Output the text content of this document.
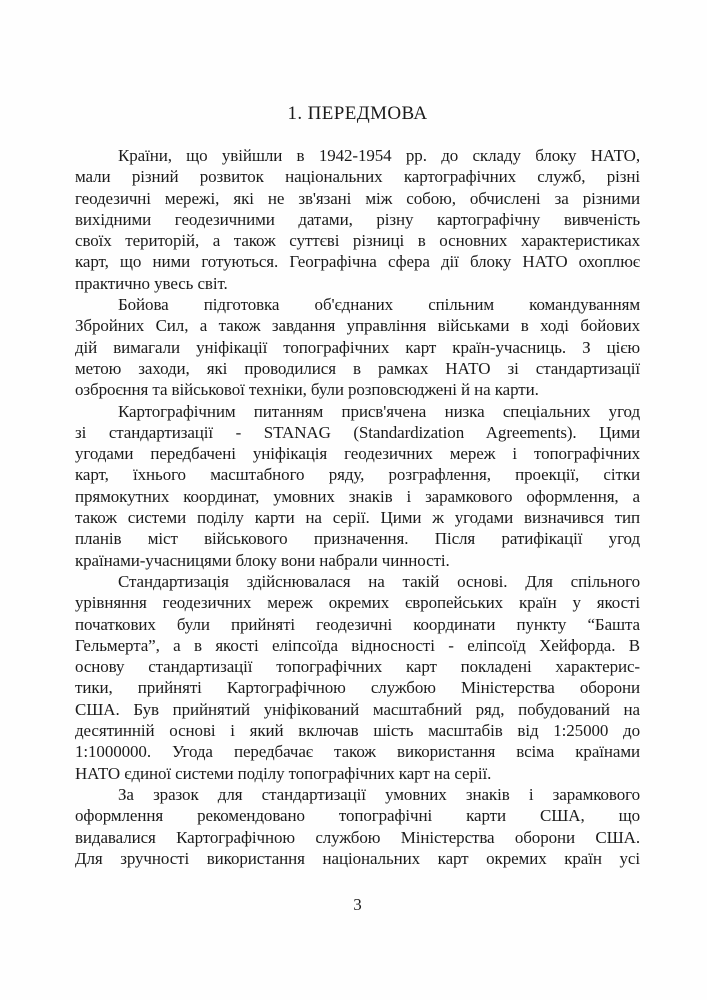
1. ПЕРЕДМОВА

Країни, що увійшли в 1942-1954 рр. до складу блоку НАТО,
мали різний розвиток національних картографічних служб, різні
геодезичні мережі, які не зв'язані між собою, обчислені за різними
вихідними геодезичними датами, різну картографічну вивченість
своїх територій, а також суттєві різниці в основних характеристиках
карт, що ними готуються. Географічна сфера дії блоку НАТО охоплює
практично увесь світ.

Бойова підготовка об'єднаних спільним командуванням
Збройних Сил, а також завдання управління військами в ході бойових
дій вимагали уніфікації топографічних карт країн-учасниць. З цією
метою заходи, які проводилися в рамках НАТО зі стандартизації
озброєння та військової техніки, були розповсюджені й на карти.

Картографічним питанням присв'ячена низка спеціальних угод
зі стандартизації - STANAG (Standardization Agreements). Цими
угодами передбачені уніфікація геодезичних мереж і топографічних
карт, їхнього масштабного ряду, розграфлення, проекції, сітки
прямокутних координат, умовних знаків і зарамкового оформлення, а
також системи поділу карти на серії. Цими ж угодами визначився тип
планів міст військового призначення. Після ратифікації угод
країнами-учасницями блоку вони набрали чинності.

Стандартизація здійснювалася на такій основі. Для спільного
урівняння геодезичних мереж окремих європейських країн у якості
початкових були прийняті геодезичні координати пункту “Башта
Гельмерта”, а в якості еліпсоїда відносності - еліпсоїд Хейфорда. В
основу стандартизації топографічних карт покладені характерис-
тики, прийняті Картографічною службою Міністерства оборони
США. Був прийнятий уніфікований масштабний ряд, побудований на
десятинній основі і який включав шість масштабів від 1:25000 до
1:1000000. Угода передбачає також використання всіма країнами
НАТО єдиної системи поділу топографічних карт на серії.

За зразок для стандартизації умовних знаків і зарамкового
оформлення рекомендовано топографічні карти США, що
видавалися Картографічною службою Міністерства оборони США.
Для зручності використання національних карт окремих країн усі

3
